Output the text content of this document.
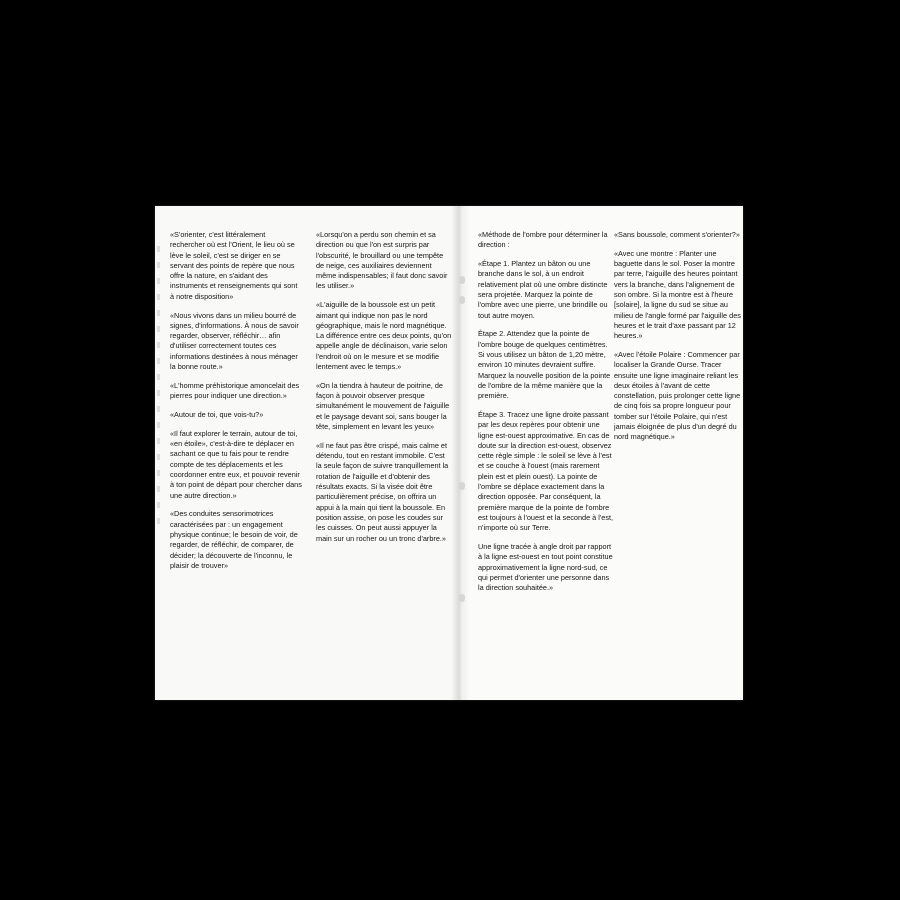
«S'orienter, c'est littéralement rechercher où est l'Orient, le lieu où se lève le soleil, c'est se diriger en se servant des points de repère que nous offre la nature, en s'aidant des instruments et renseignements qui sont à notre disposition»

«Nous vivons dans un milieu bourré de signes, d'informations. À nous de savoir regarder, observer, réfléchir… afin d'utiliser correctement toutes ces informations destinées à nous ménager la bonne route.»

«L'homme préhistorique amoncelait des pierres pour indiquer une direction.»

«Autour de toi, que vois-tu?»

«Il faut explorer le terrain, autour de toi, «en étoile», c'est-à-dire te déplacer en sachant ce que tu fais pour te rendre compte de tes déplacements et les coordonner entre eux, et pouvoir revenir à ton point de départ pour chercher dans une autre direction.»

«Des conduites sensorimotrices caractérisées par : un engagement physique continue; le besoin de voir, de regarder, de réfléchir, de comparer, de décider; la découverte de l'inconnu, le plaisir de trouver»

«Lorsqu'on a perdu son chemin et sa direction ou que l'on est surpris par l'obscurité, le brouillard ou une tempête de neige, ces auxiliaires deviennent même indispensables; il faut donc savoir les utiliser.»

«L'aiguille de la boussole est un petit aimant qui indique non pas le nord géographique, mais le nord magnétique. La différence entre ces deux points, qu'on appelle angle de déclinaison, varie selon l'endroit où on le mesure et se modifie lentement avec le temps.»

«On la tiendra à hauteur de poitrine, de façon à pouvoir observer presque simultanément le mouvement de l'aiguille et le paysage devant soi, sans bouger la tête, simplement en levant les yeux»

«Il ne faut pas être crispé, mais calme et détendu, tout en restant immobile. C'est la seule façon de suivre tranquillement la rotation de l'aiguille et d'obtenir des résultats exacts. Si la visée doit être particulièrement précise, on offrira un appui à la main qui tient la boussole. En position assise, on pose les coudes sur les cuisses. On peut aussi appuyer la main sur un rocher ou un tronc d'arbre.»

«Méthode de l'ombre pour déterminer la direction :

«Étape 1. Plantez un bâton ou une branche dans le sol, à un endroit relativement plat où une ombre distincte sera projetée. Marquez la pointe de l'ombre avec une pierre, une brindille ou tout autre moyen.

Étape 2. Attendez que la pointe de l'ombre bouge de quelques centimètres. Si vous utilisez un bâton de 1,20 mètre, environ 10 minutes devraient suffire. Marquez la nouvelle position de la pointe de l'ombre de la même manière que la première.

Étape 3. Tracez une ligne droite passant par les deux repères pour obtenir une ligne est-ouest approximative. En cas de doute sur la direction est-ouest, observez cette règle simple : le soleil se lève à l'est et se couche à l'ouest (mais rarement plein est et plein ouest). La pointe de l'ombre se déplace exactement dans la direction opposée. Par conséquent, la première marque de la pointe de l'ombre est toujours à l'ouest et la seconde à l'est, n'importe où sur Terre.

Une ligne tracée à angle droit par rapport à la ligne est-ouest en tout point constitue approximativement la ligne nord-sud, ce qui permet d'orienter une personne dans la direction souhaitée.»

«Sans boussole, comment s'orienter?»

«Avec une montre : Planter une baguette dans le sol. Poser la montre par terre, l'aiguille des heures pointant vers la branche, dans l'alignement de son ombre. Si la montre est à l'heure [solaire], la ligne du sud se situe au milieu de l'angle formé par l'aiguille des heures et le trait d'axe passant par 12 heures.»

«Avec l'étoile Polaire : Commencer par localiser la Grande Ourse. Tracer ensuite une ligne imaginaire reliant les deux étoiles à l'avant de cette constellation, puis prolonger cette ligne de cinq fois sa propre longueur pour tomber sur l'étoile Polaire, qui n'est jamais éloignée de plus d'un degré du nord magnétique.»
